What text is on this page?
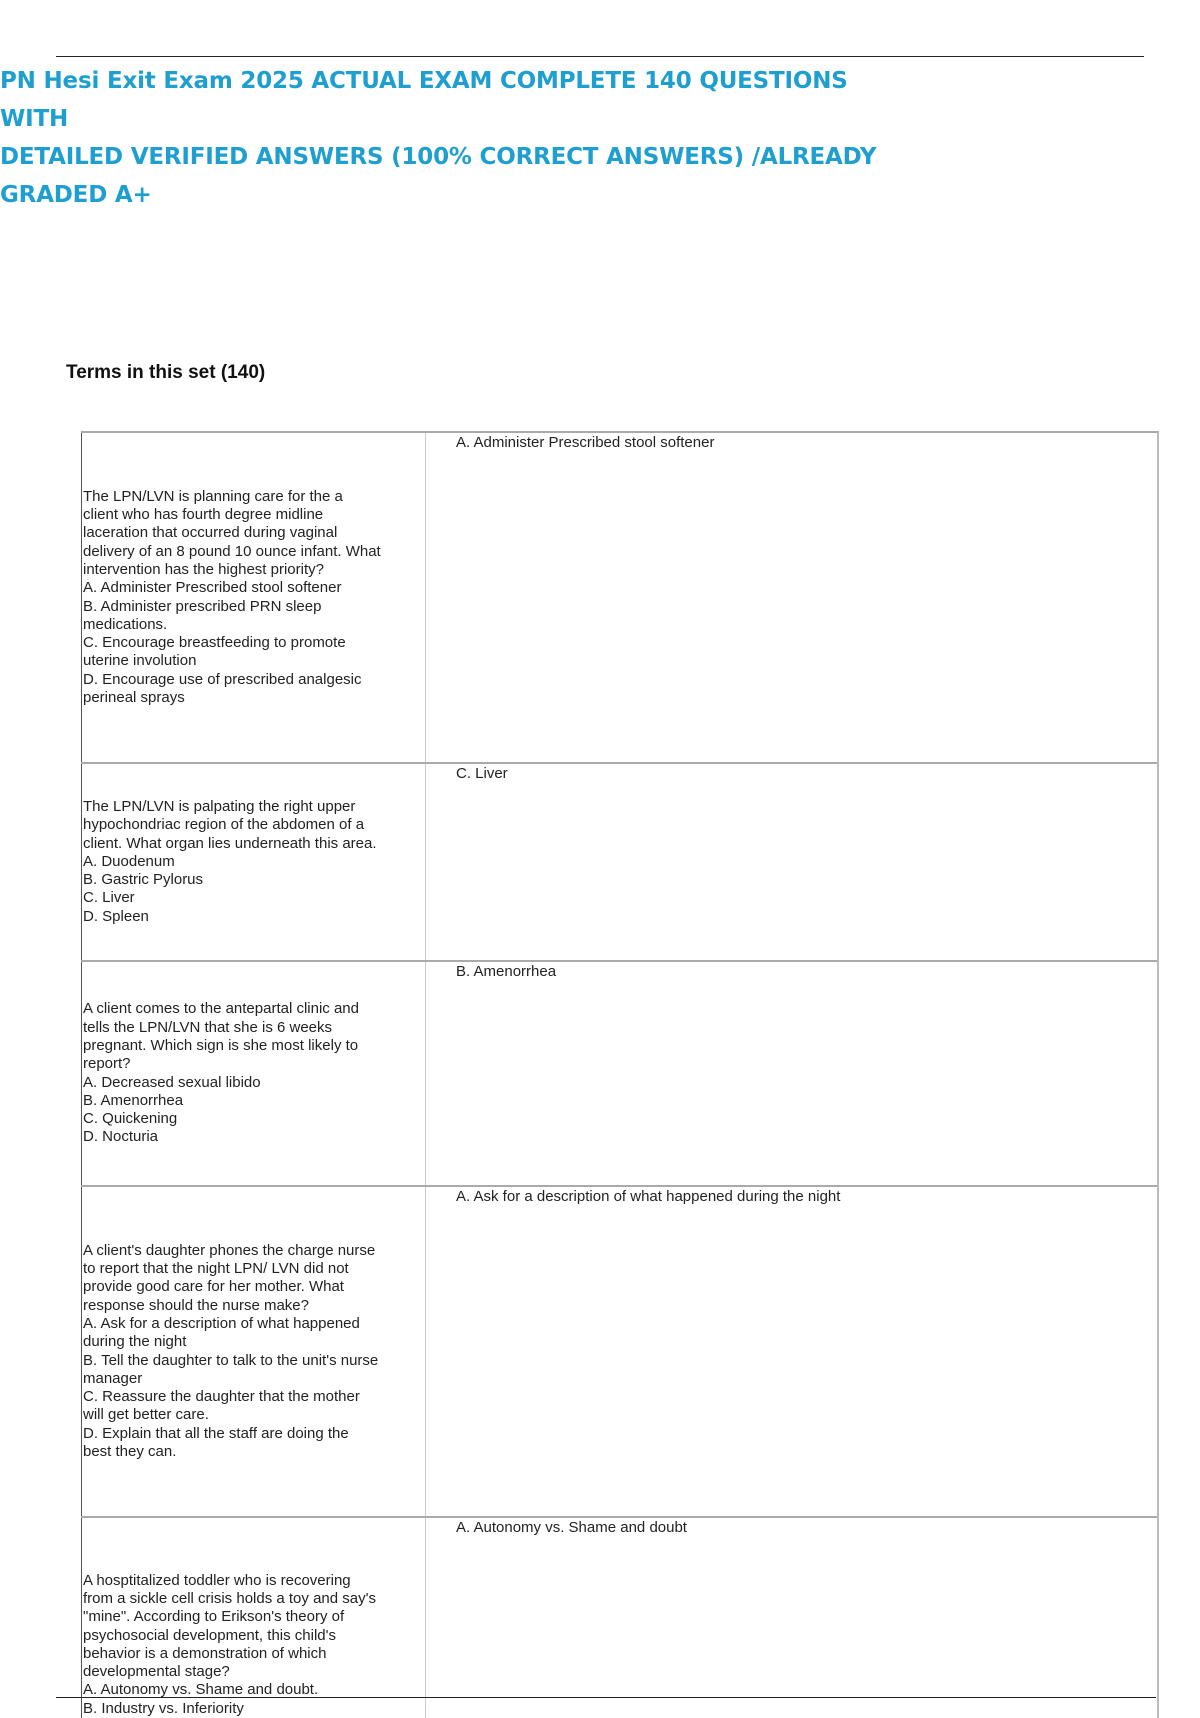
PN Hesi Exit Exam 2025 ACTUAL EXAM COMPLETE 140 QUESTIONS WITH
DETAILED VERIFIED ANSWERS (100% CORRECT ANSWERS) /ALREADY
GRADED A+
Terms in this set (140)

The LPN/LVN is planning care for the a
client who has fourth degree midline
laceration that occurred during vaginal
delivery of an 8 pound 10 ounce infant. What
intervention has the highest priority?
A. Administer Prescribed stool softener
B. Administer prescribed PRN sleep
medications.
C. Encourage breastfeeding to promote
uterine involution
D. Encourage use of prescribed analgesic
perineal sprays

A. Administer Prescribed stool softener

The LPN/LVN is palpating the right upper
hypochondriac region of the abdomen of a
client. What organ lies underneath this area.
A. Duodenum
B. Gastric Pylorus
C. Liver
D. Spleen

C. Liver

A client comes to the antepartal clinic and
tells the LPN/LVN that she is 6 weeks
pregnant. Which sign is she most likely to
report?
A. Decreased sexual libido
B. Amenorrhea
C. Quickening
D. Nocturia

B. Amenorrhea

A client's daughter phones the charge nurse
to report that the night LPN/ LVN did not
provide good care for her mother. What
response should the nurse make?
A. Ask for a description of what happened
during the night
B. Tell the daughter to talk to the unit's nurse
manager
C. Reassure the daughter that the mother
will get better care.
D. Explain that all the staff are doing the
best they can.

A. Ask for a description of what happened during the night

A hosptitalized toddler who is recovering
from a sickle cell crisis holds a toy and say's
"mine". According to Erikson's theory of
psychosocial development, this child's
behavior is a demonstration of which
developmental stage?
A. Autonomy vs. Shame and doubt.
B. Industry vs. Inferiority

A. Autonomy vs. Shame and doubt
